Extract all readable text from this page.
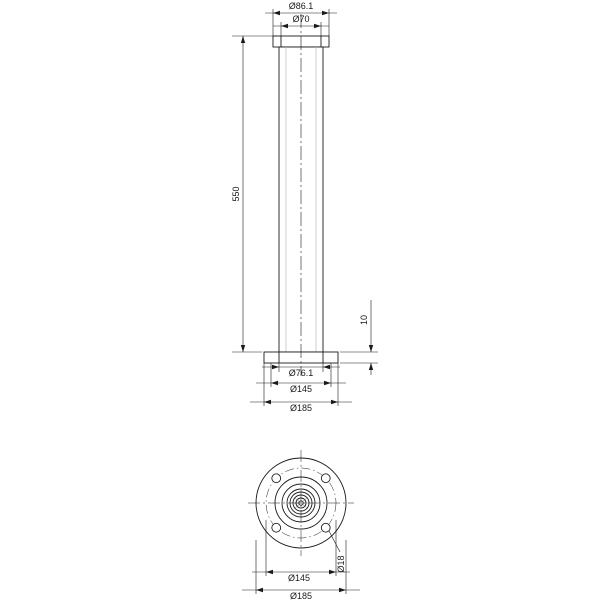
Ø86.1
Ø70
550
10
Ø76.1
Ø145
Ø185
Ø18
Ø145
Ø185
